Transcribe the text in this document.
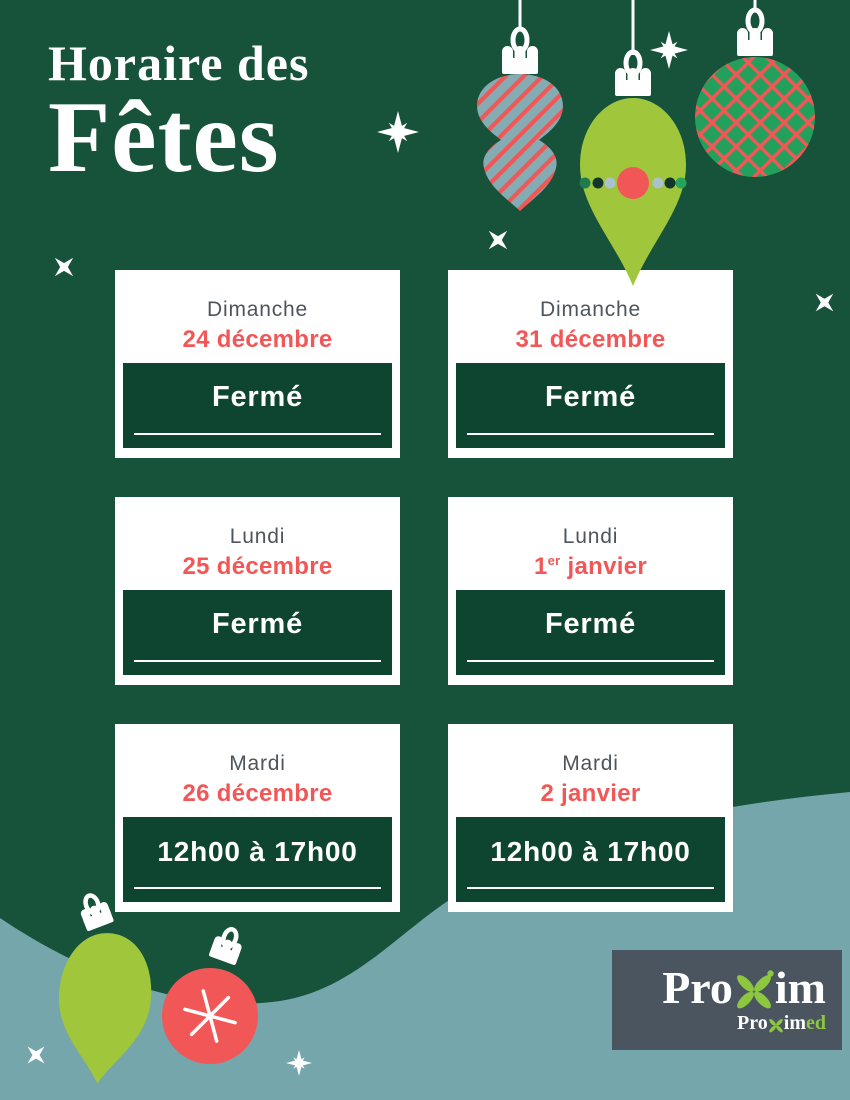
Horaire des
Fêtes
Dimanche
24 décembre
Fermé
Dimanche
31 décembre
Fermé
Lundi
25 décembre
Fermé
Lundi
1er janvier
Fermé
Mardi
26 décembre
12h00 à 17h00
Mardi
2 janvier
12h00 à 17h00
Pro im
Pro im ed
